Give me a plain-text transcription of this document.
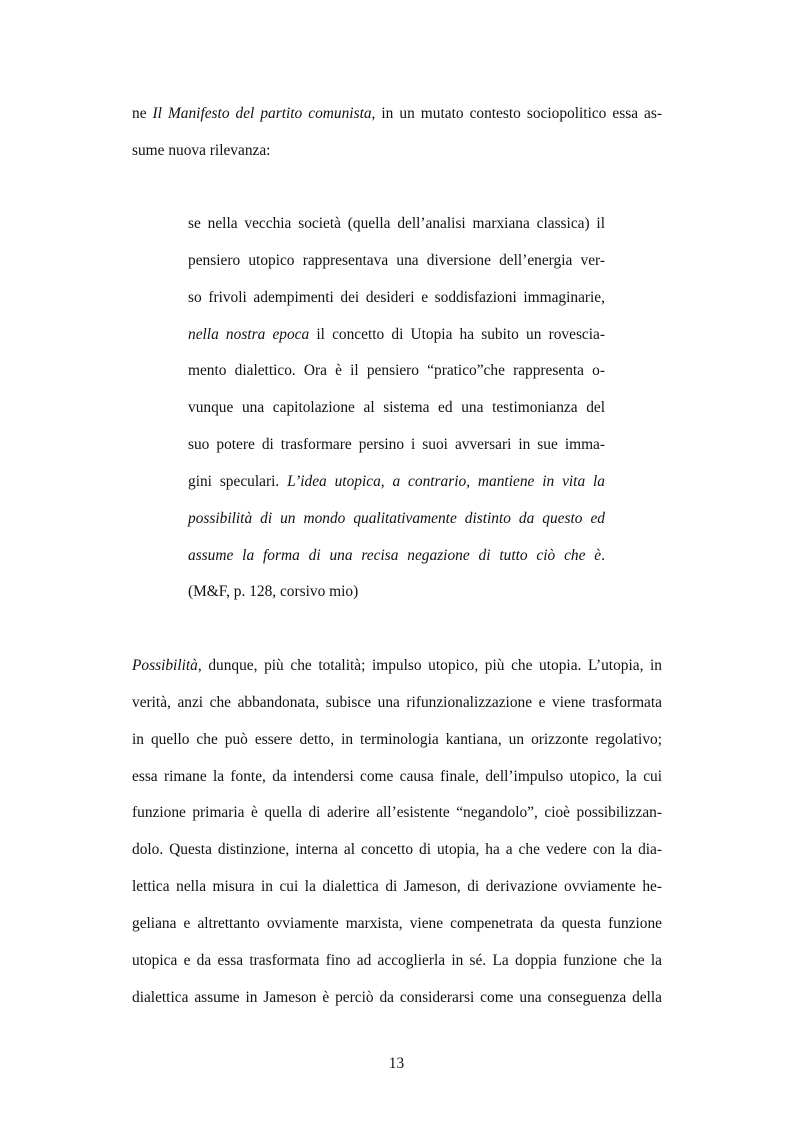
ne Il Manifesto del partito comunista, in un mutato contesto sociopolitico essa as-
sume nuova rilevanza:
se nella vecchia società (quella dell’analisi marxiana classica) il
pensiero utopico rappresentava una diversione dell’energia ver-
so frivoli adempimenti dei desideri e soddisfazioni immaginarie,
nella nostra epoca il concetto di Utopia ha subito un rovescia-
mento dialettico. Ora è il pensiero “pratico”che rappresenta o-
vunque una capitolazione al sistema ed una testimonianza del
suo potere di trasformare persino i suoi avversari in sue imma-
gini speculari. L’idea utopica, a contrario, mantiene in vita la
possibilità di un mondo qualitativamente distinto da questo ed
assume la forma di una recisa negazione di tutto ciò che è.
(M&F, p. 128, corsivo mio)
Possibilità, dunque, più che totalità; impulso utopico, più che utopia. L’utopia, in
verità, anzi che abbandonata, subisce una rifunzionalizzazione e viene trasformata
in quello che può essere detto, in terminologia kantiana, un orizzonte regolativo;
essa rimane la fonte, da intendersi come causa finale, dell’impulso utopico, la cui
funzione primaria è quella di aderire all’esistente “negandolo”, cioè possibilizzan-
dolo. Questa distinzione, interna al concetto di utopia, ha a che vedere con la dia-
lettica nella misura in cui la dialettica di Jameson, di derivazione ovviamente he-
geliana e altrettanto ovviamente marxista, viene compenetrata da questa funzione
utopica e da essa trasformata fino ad accoglierla in sé. La doppia funzione che la
dialettica assume in Jameson è perciò da considerarsi come una conseguenza della
13
